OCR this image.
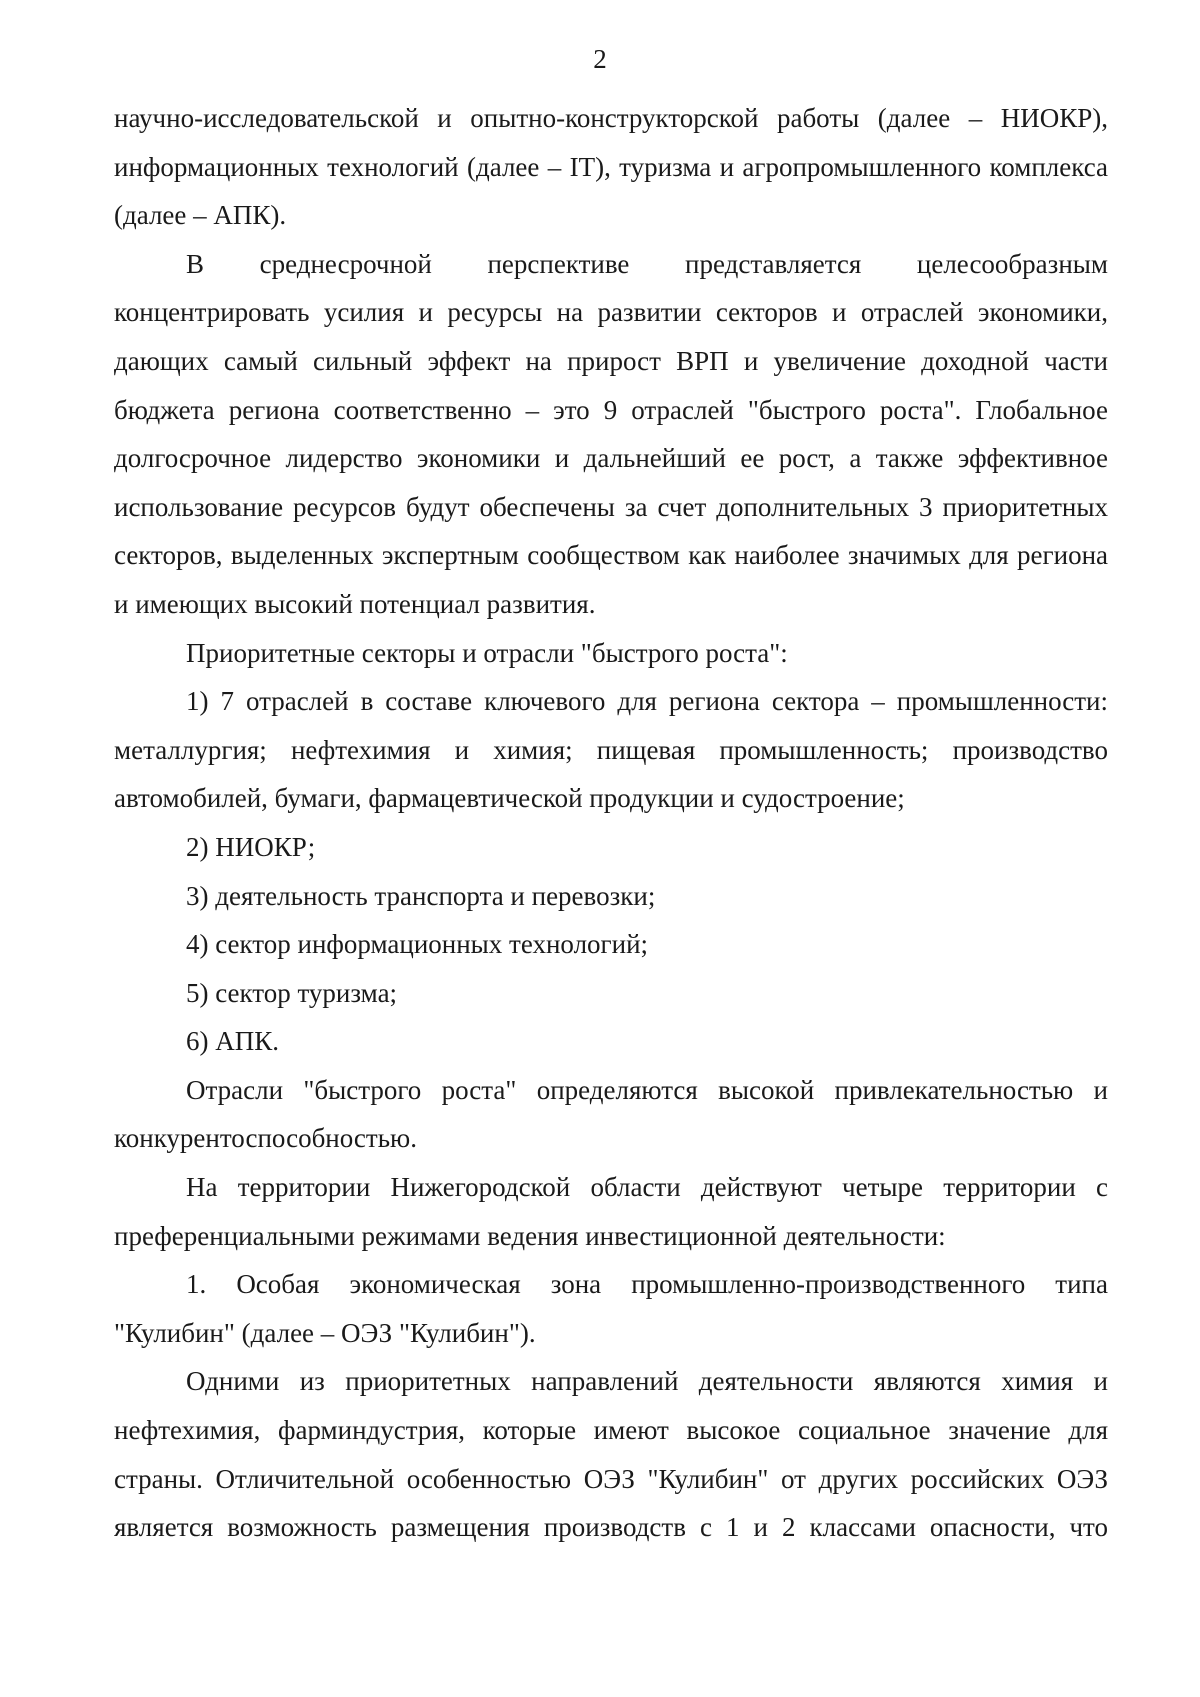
2

научно-исследовательской и опытно-конструкторской работы (далее – НИОКР), информационных технологий (далее – IT), туризма и агропромышленного комплекса (далее – АПК).

В среднесрочной перспективе представляется целесообразным концентрировать усилия и ресурсы на развитии секторов и отраслей экономики, дающих самый сильный эффект на прирост ВРП и увеличение доходной части бюджета региона соответственно – это 9 отраслей "быстрого роста". Глобальное долгосрочное лидерство экономики и дальнейший ее рост, а также эффективное использование ресурсов будут обеспечены за счет дополнительных 3 приоритетных секторов, выделенных экспертным сообществом как наиболее значимых для региона и имеющих высокий потенциал развития.

Приоритетные секторы и отрасли "быстрого роста":

1) 7 отраслей в составе ключевого для региона сектора – промышленности: металлургия; нефтехимия и химия; пищевая промышленность; производство автомобилей, бумаги, фармацевтической продукции и судостроение;

2) НИОКР;

3) деятельность транспорта и перевозки;

4) сектор информационных технологий;

5) сектор туризма;

6) АПК.

Отрасли "быстрого роста" определяются высокой привлекательностью и конкурентоспособностью.

На территории Нижегородской области действуют четыре территории с преференциальными режимами ведения инвестиционной деятельности:

1. Особая экономическая зона промышленно-производственного типа "Кулибин" (далее – ОЭЗ "Кулибин").

Одними из приоритетных направлений деятельности являются химия и нефтехимия, фарминдустрия, которые имеют высокое социальное значение для страны. Отличительной особенностью ОЭЗ "Кулибин" от других российских ОЭЗ является возможность размещения производств с 1 и 2 классами опасности, что
